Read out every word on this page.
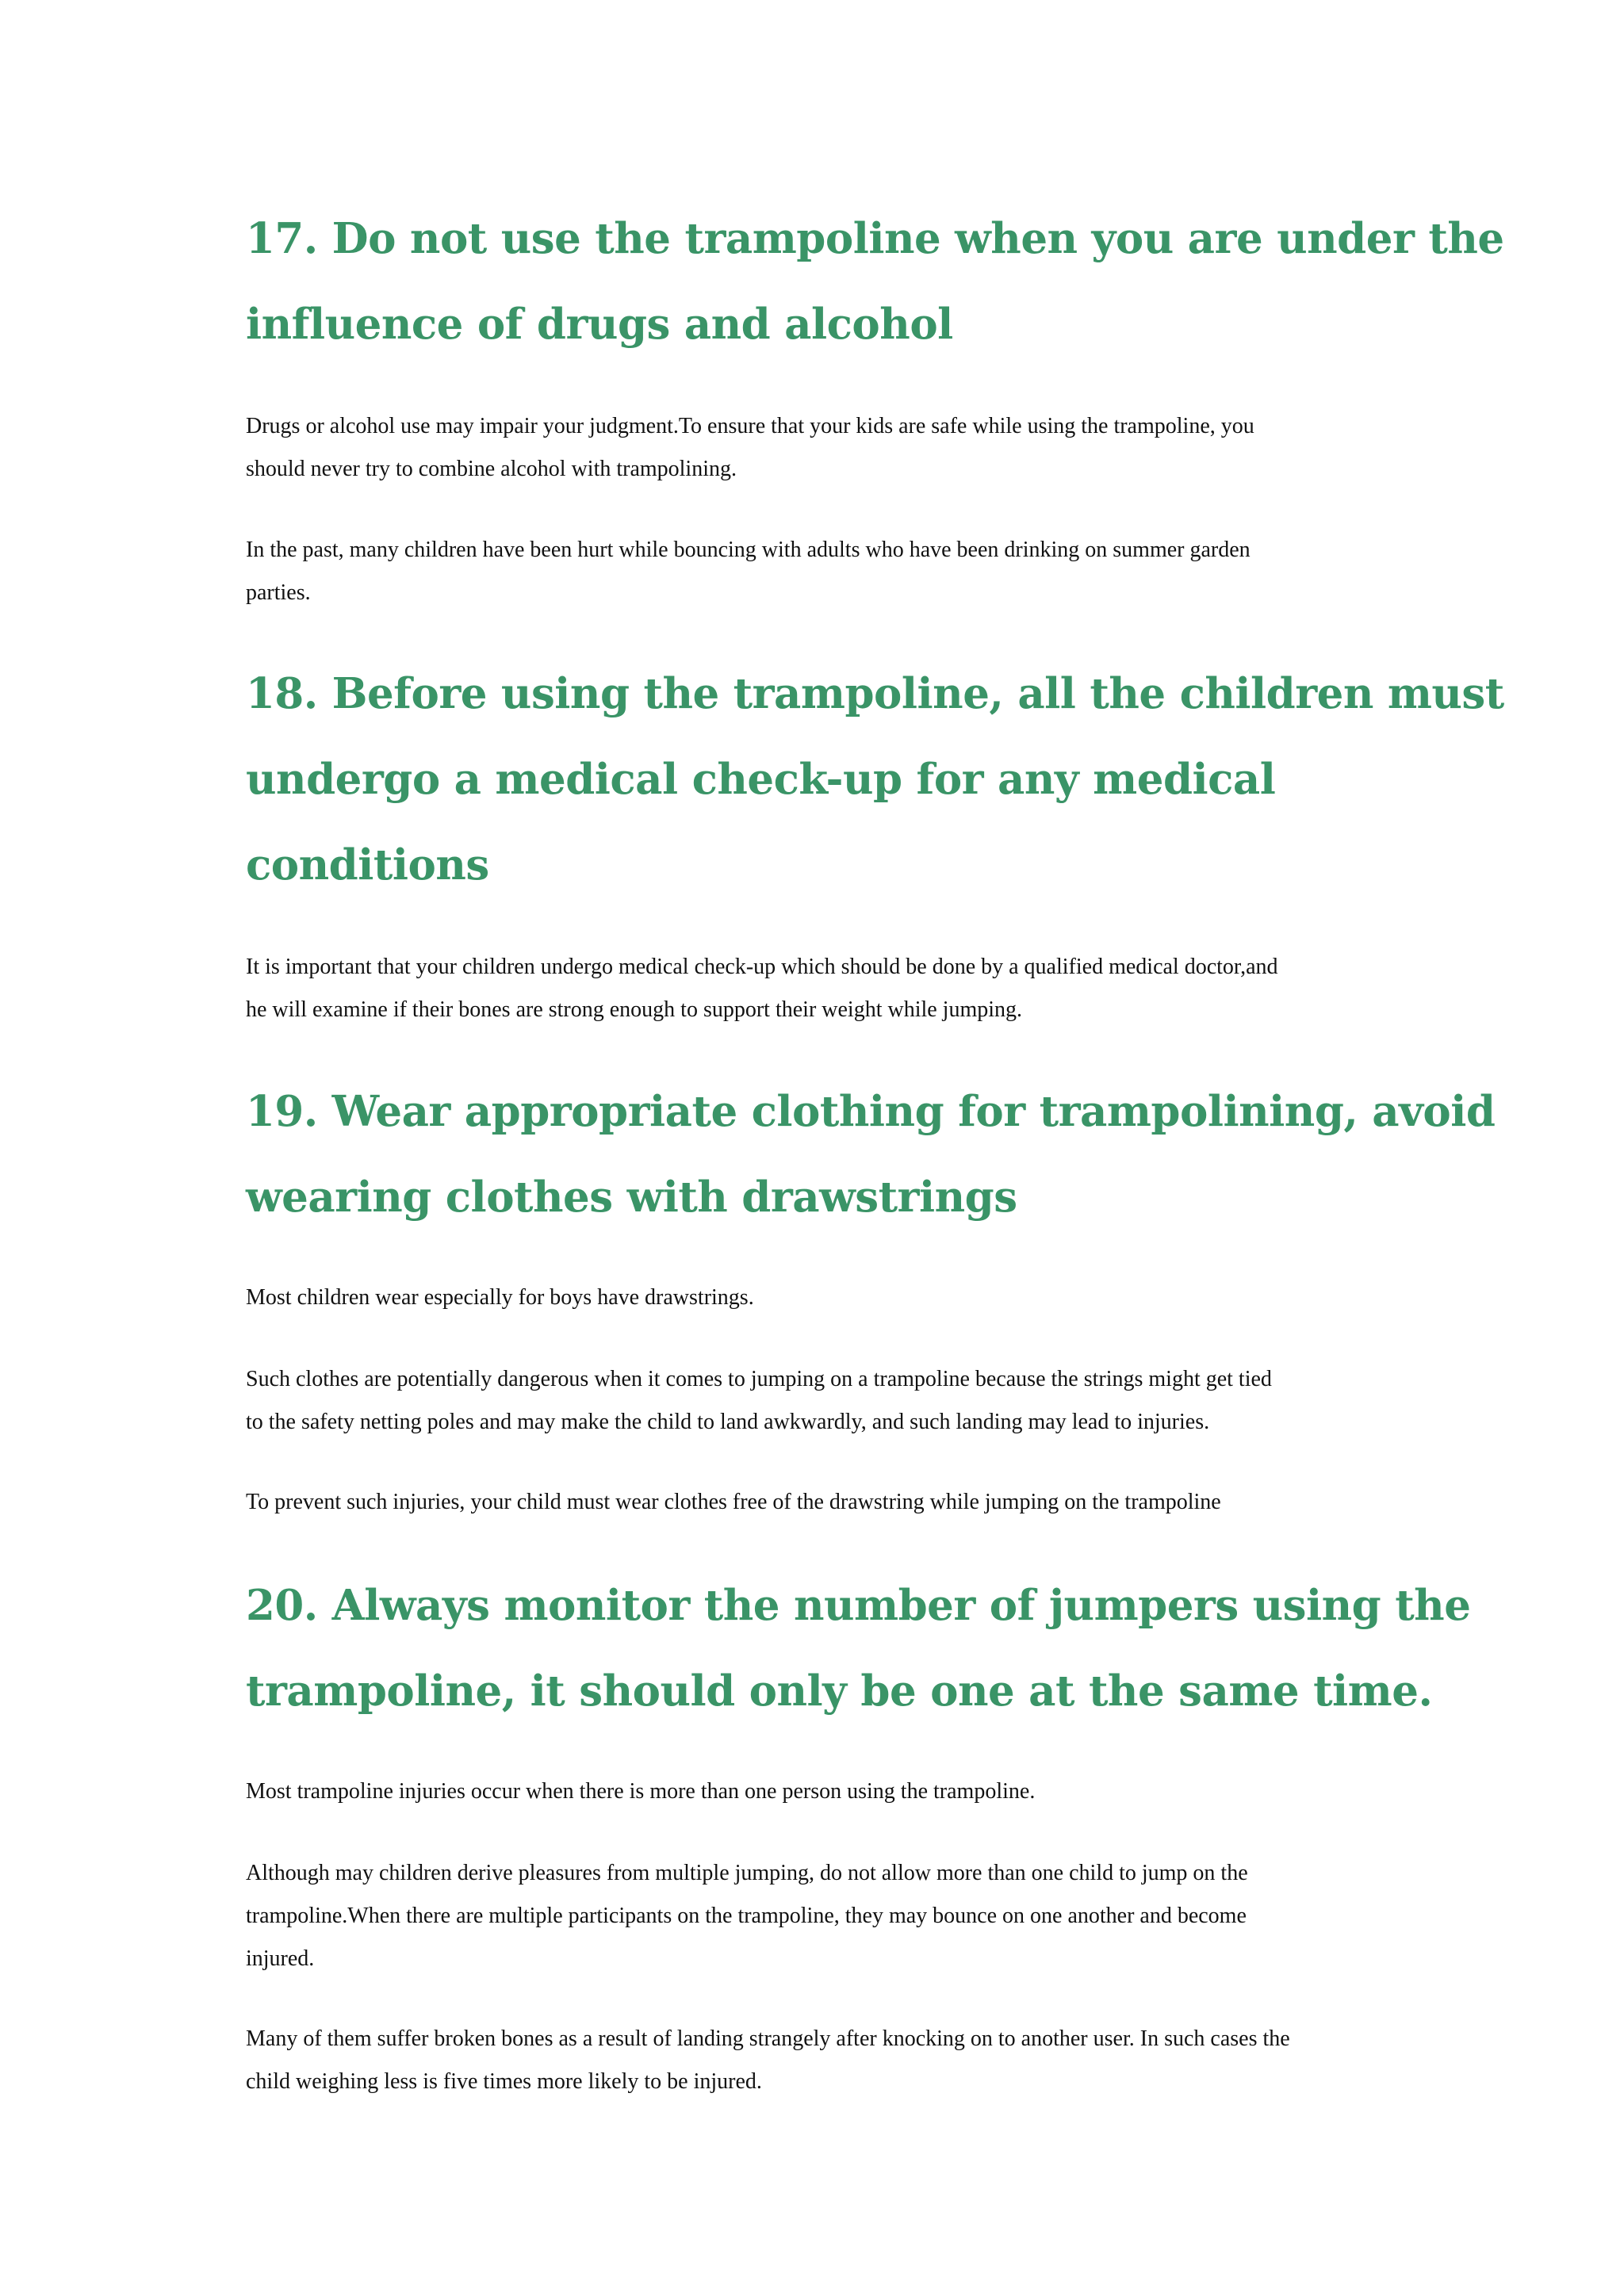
17. Do not use the trampoline when you are under the
influence of drugs and alcohol

Drugs or alcohol use may impair your judgment.To ensure that your kids are safe while using the trampoline, you
should never try to combine alcohol with trampolining.

In the past, many children have been hurt while bouncing with adults who have been drinking on summer garden
parties.

18. Before using the trampoline, all the children must
undergo a medical check-up for any medical
conditions

It is important that your children undergo medical check-up which should be done by a qualified medical doctor,and
he will examine if their bones are strong enough to support their weight while jumping.

19. Wear appropriate clothing for trampolining, avoid
wearing clothes with drawstrings

Most children wear especially for boys have drawstrings.

Such clothes are potentially dangerous when it comes to jumping on a trampoline because the strings might get tied
to the safety netting poles and may make the child to land awkwardly, and such landing may lead to injuries.

To prevent such injuries, your child must wear clothes free of the drawstring while jumping on the trampoline

20. Always monitor the number of jumpers using the
trampoline, it should only be one at the same time.

Most trampoline injuries occur when there is more than one person using the trampoline.

Although may children derive pleasures from multiple jumping, do not allow more than one child to jump on the
trampoline.When there are multiple participants on the trampoline, they may bounce on one another and become
injured.

Many of them suffer broken bones as a result of landing strangely after knocking on to another user. In such cases the
child weighing less is five times more likely to be injured.
